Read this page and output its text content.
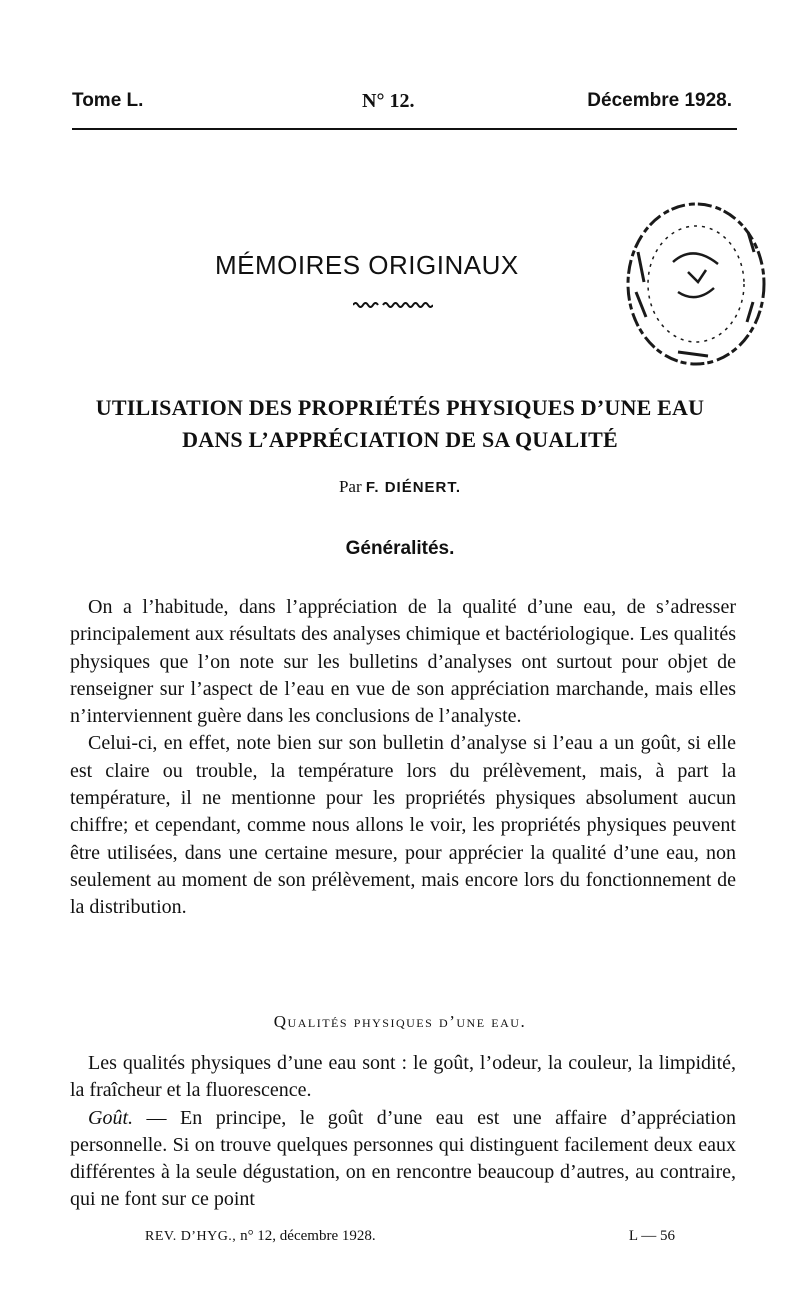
Tome L.	N° 12.	Décembre 1928.
MÉMOIRES ORIGINAUX
UTILISATION DES PROPRIÉTÉS PHYSIQUES D’UNE EAU
DANS L’APPRÉCIATION DE SA QUALITÉ
Par F. DIÉNERT.
Généralités.

On a l’habitude, dans l’appréciation de la qualité d’une eau, de s’adresser principalement aux résultats des analyses chimique et bactériologique. Les qualités physiques que l’on note sur les bulletins d’analyses ont surtout pour objet de renseigner sur l’aspect de l’eau en vue de son appréciation marchande, mais elles n’interviennent guère dans les conclusions de l’analyste.

Celui-ci, en effet, note bien sur son bulletin d’analyse si l’eau a un goût, si elle est claire ou trouble, la température lors du prélèvement, mais, à part la température, il ne mentionne pour les propriétés physiques absolument aucun chiffre; et cependant, comme nous allons le voir, les propriétés physiques peuvent être utilisées, dans une certaine mesure, pour apprécier la qualité d’une eau, non seulement au moment de son prélèvement, mais encore lors du fonctionnement de la distribution.

Qualités physiques d’une eau.

Les qualités physiques d’une eau sont : le goût, l’odeur, la couleur, la limpidité, la fraîcheur et la fluorescence.

Goût. — En principe, le goût d’une eau est une affaire d’appréciation personnelle. Si on trouve quelques personnes qui distinguent facilement deux eaux différentes à la seule dégustation, on en rencontre beaucoup d’autres, au contraire, qui ne font sur ce point

REV. D’HYG., n° 12, décembre 1928.	L — 56
